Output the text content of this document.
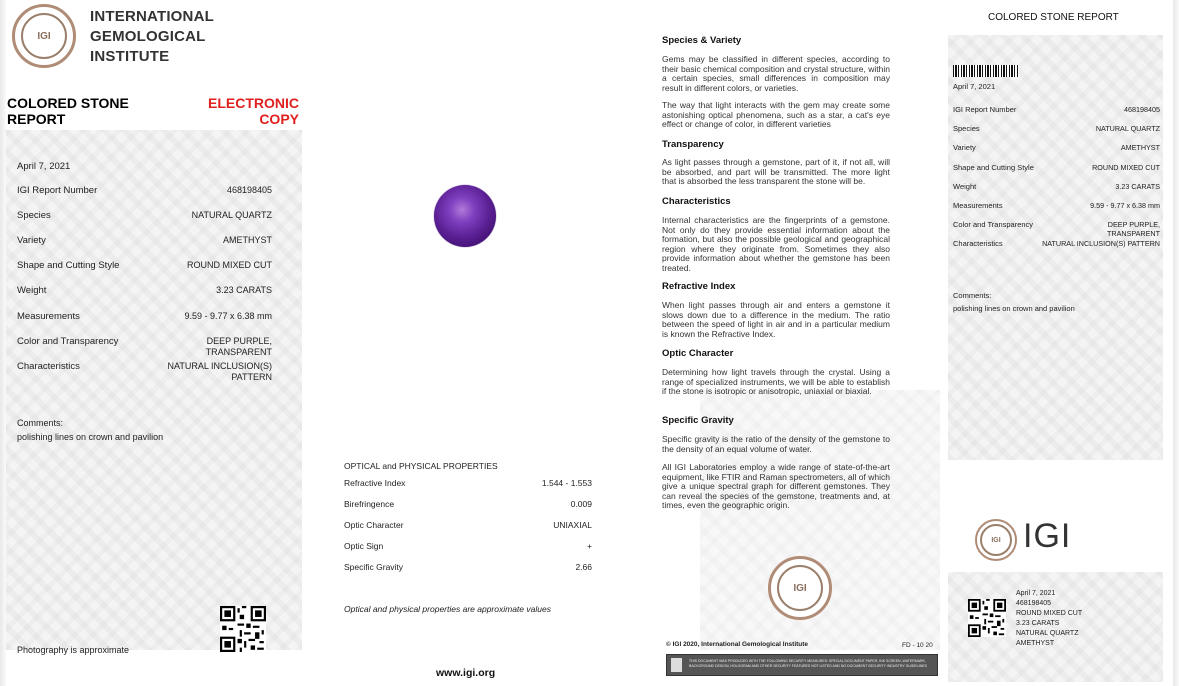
IGI
INTERNATIONAL
GEMOLOGICAL
INSTITUTE
COLORED STONE
REPORT
ELECTRONIC
COPY
April 7, 2021
IGI Report Number	468198405
Species	NATURAL QUARTZ
Variety	AMETHYST
Shape and Cutting Style	ROUND MIXED CUT
Weight	3.23 CARATS
Measurements	9.59 - 9.77 x 6.38 mm
Color and Transparency	DEEP PURPLE,
TRANSPARENT
Characteristics	NATURAL INCLUSION(S)
PATTERN
Comments:
polishing lines on crown and pavilion
Photography is approximate
OPTICAL and PHYSICAL PROPERTIES
Refractive Index	1.544 - 1.553
Birefringence	0.009
Optic Character	UNIAXIAL
Optic Sign	+
Specific Gravity	2.66
Optical and physical properties are approximate values
www.igi.org
Species & Variety
Gems may be classified in different species, according to their basic chemical composition and crystal structure, within a certain species, small differences in composition may result in different colors, or varieties.
The way that light interacts with the gem may create some astonishing optical phenomena, such as a star, a cat's eye effect or change of color, in different varieties
Transparency
As light passes through a gemstone, part of it, if not all, will be absorbed, and part will be transmitted. The more light that is absorbed the less transparent the stone will be.
Characteristics
Internal characteristics are the fingerprints of a gemstone. Not only do they provide essential information about the formation, but also the possible geological and geographical region where they originate from. Sometimes they also provide information about whether the gemstone has been treated.
Refractive Index
When light passes through air and enters a gemstone it slows down due to a difference in the medium. The ratio between the speed of light in air and in a particular medium is known the Refractive Index.
Optic Character
Determining how light travels through the crystal. Using a range of specialized instruments, we will be able to establish if the stone is isotropic or anisotropic, uniaxial or biaxial.
Specific Gravity
Specific gravity is the ratio of the density of the gemstone to the density of an equal volume of water.
All IGI Laboratories employ a wide range of state-of-the-art equipment, like FTIR and Raman spectrometers, all of which give a unique spectral graph for different gemstones. They can reveal the species of the gemstone, treatments and, at times, even the geographic origin.
IGI
© IGI 2020, International Gemological Institute	FD - 10 20
THIS DOCUMENT WAS PRODUCED WITH THE FOLLOWING SECURITY MEASURES: SPECIAL DOCUMENT PAPER, INK SCREEN, WATERMARK, BACKGROUND DESIGN, HOLOGRAM AND OTHER SECURITY FEATURES NOT LISTED AND NO DOCUMENT SECURITY INDUSTRY GUIDELINES
COLORED STONE REPORT
April 7, 2021
IGI Report Number	468198405
Species	NATURAL QUARTZ
Variety	AMETHYST
Shape and Cutting Style	ROUND MIXED CUT
Weight	3.23 CARATS
Measurements	9.59 - 9.77 x 6.38 mm
Color and Transparency	DEEP PURPLE,
TRANSPARENT
Characteristics	NATURAL INCLUSION(S) PATTERN
Comments:
polishing lines on crown and pavilion
IGI IGI
April 7, 2021
468198405
ROUND MIXED CUT
3.23 CARATS
NATURAL QUARTZ
AMETHYST
